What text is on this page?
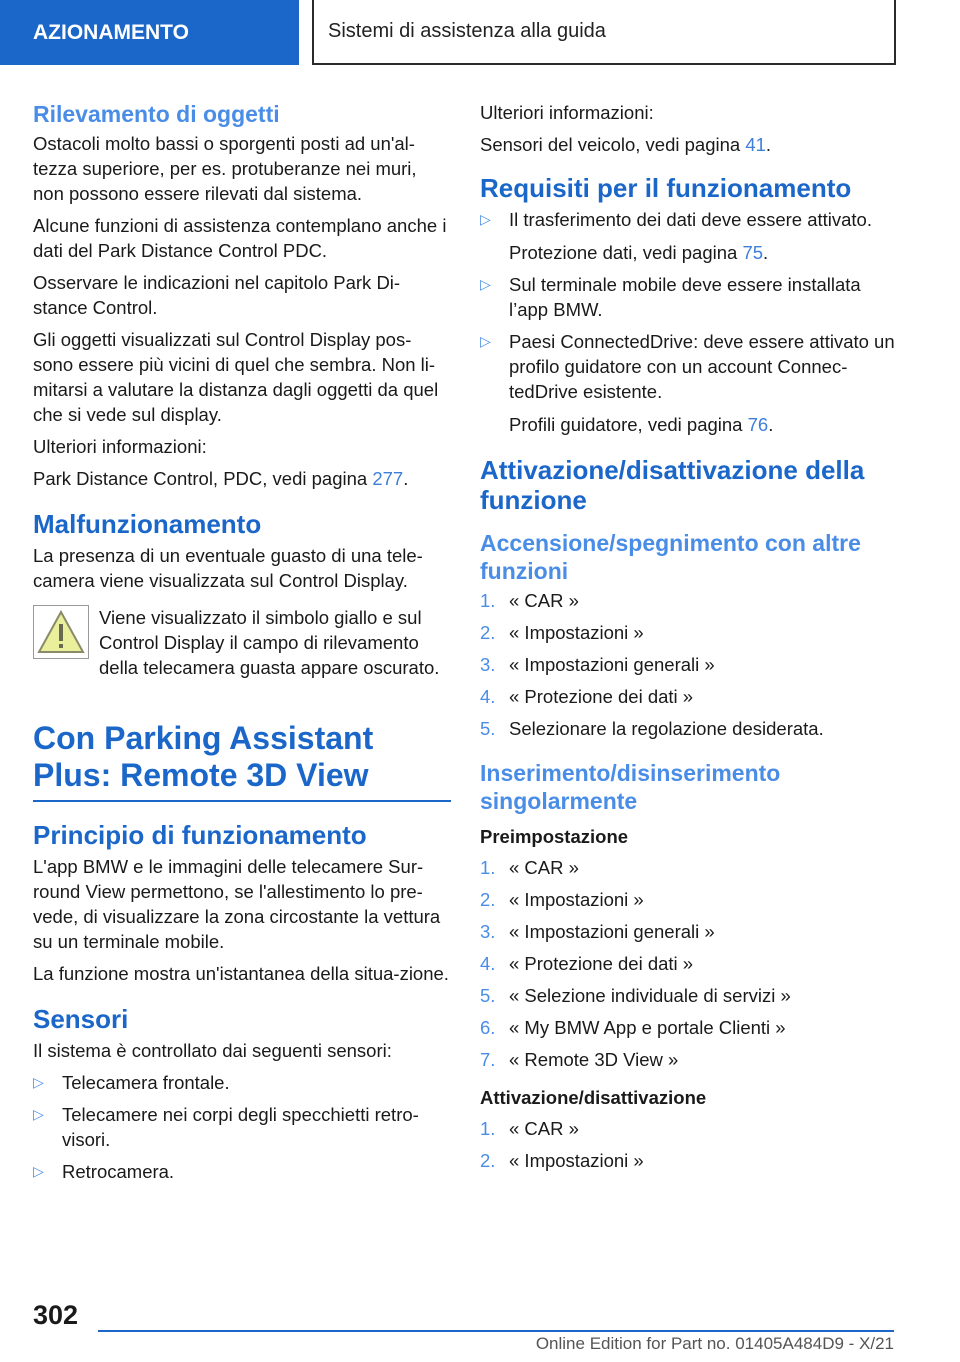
AZIONAMENTO	Sistemi di assistenza alla guida
Rilevamento di oggetti

Ostacoli molto bassi o sporgenti posti ad un'al-tezza superiore, per es. protuberanze nei muri, non possono essere rilevati dal sistema.

Alcune funzioni di assistenza contemplano anche i dati del Park Distance Control PDC.

Osservare le indicazioni nel capitolo Park Di-stance Control.

Gli oggetti visualizzati sul Control Display pos-sono essere più vicini di quel che sembra. Non li-mitarsi a valutare la distanza dagli oggetti da quel che si vede sul display.

Ulteriori informazioni:

Park Distance Control, PDC, vedi pagina 277.

Malfunzionamento

La presenza di un eventuale guasto di una tele-camera viene visualizzata sul Control Display.

Viene visualizzato il simbolo giallo e sul Control Display il campo di rilevamento della telecamera guasta appare oscurato.
Con Parking Assistant Plus: Remote 3D View
Principio di funzionamento

L'app BMW e le immagini delle telecamere Sur-round View permettono, se l'allestimento lo pre-vede, di visualizzare la zona circostante la vettura su un terminale mobile.

La funzione mostra un'istantanea della situa-zione.

Sensori

Il sistema è controllato dai seguenti sensori:

▷ Telecamera frontale.
▷ Telecamere nei corpi degli specchietti retro-visori.
▷ Retrocamera.

Ulteriori informazioni:

Sensori del veicolo, vedi pagina 41.

Requisiti per il funzionamento
▷ Il trasferimento dei dati deve essere attivato.

Protezione dati, vedi pagina 75.

▷ Sul terminale mobile deve essere installata l’app BMW.
▷ Paesi ConnectedDrive: deve essere attivato un profilo guidatore con un account Connec-tedDrive esistente.

Profili guidatore, vedi pagina 76.

Attivazione/disattivazione della funzione
Accensione/spegnimento con altre funzioni
1. « CAR »
2. « Impostazioni »
3. « Impostazioni generali »
4. « Protezione dei dati »
5. Selezionare la regolazione desiderata.
Inserimento/disinserimento singolarmente
Preimpostazione
1. « CAR »
2. « Impostazioni »
3. « Impostazioni generali »
4. « Protezione dei dati »
5. « Selezione individuale di servizi »
6. « My BMW App e portale Clienti »
7. « Remote 3D View »
Attivazione/disattivazione
1. « CAR »
2. « Impostazioni »
302
Online Edition for Part no. 01405A484D9 - X/21
